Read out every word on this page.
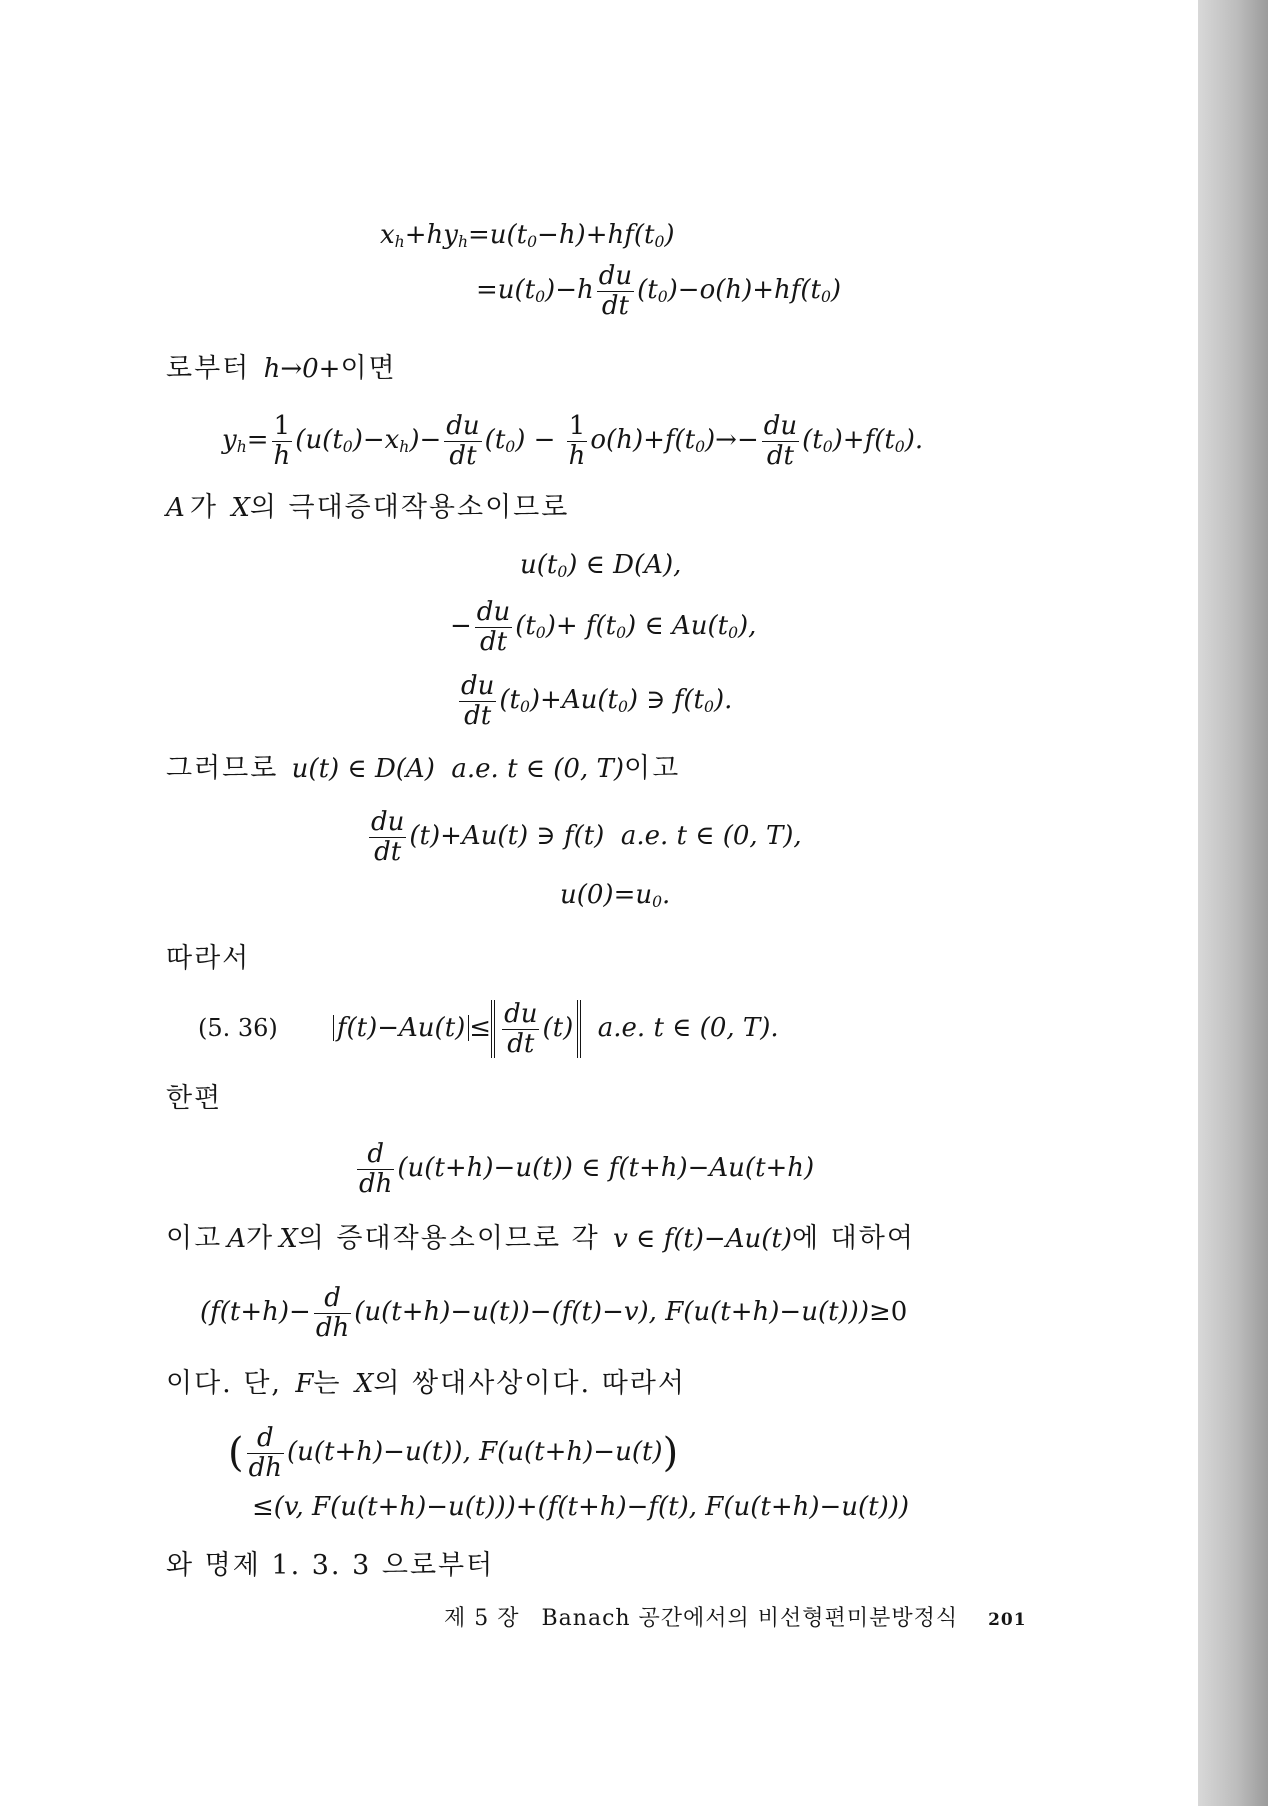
$x_h+hy_h=u(t_0-h)+hf(t_0)$
$=u(t_0)-h \frac{du}{dt} (t_0)-o(h)+hf(t_0)$
로부터  h→0+이면
$y_h= \frac{1}{h} (u(t_0)-x_h)- \frac{du}{dt} (t_0) - \frac{1}{h} o(h)+f(t_0)\to- \frac{du}{dt} (t_0)+f(t_0)$.
A 가  X의 극대증대작용소이므로
$u(t_0)$ ∈ D(A),
− $\frac{du}{dt} (t_0)+ f(t_0)$ ∈ $Au(t_0)$,
$\frac{du}{dt} (t_0)+Au(t_0)$ ∋ $f(t_0)$.
그러므로  u(t) ∈ D(A)  a.e. t ∈ (0, T)이고
$\frac{du}{dt} (t)+Au(t)$ ∋ f(t)  a.e. t ∈ (0, T),
$u(0)=u_0$.
따라서
(5. 36) $f(t)-Au(t) \le \frac{du}{dt} (t)$  a.e. t ∈ (0, T).
한편
$\frac{d}{dh} (u(t+h)-u(t))$ ∈ f(t+h)−Au(t+h)
이고 A가 X의 증대작용소이므로 각  v ∈ f(t)−Au(t)에 대하여
($f(t+h)- \frac{d}{dh} (u(t+h)-u(t))-(f(t)-v)$, F(u(t+h)−u(t)))≥0
이다. 단,  F는  X의 쌍대사상이다. 따라서
( $\frac{d}{dh} (u(t+h)-u(t))$, F(u(t+h)−u(t))
≤(v, F(u(t+h)−u(t)))+(f(t+h)−f(t), F(u(t+h)−u(t)))
와 명제 1. 3. 3 으로부터
제 5 장 Banach 공간에서의 비선형편미분방정식 201
